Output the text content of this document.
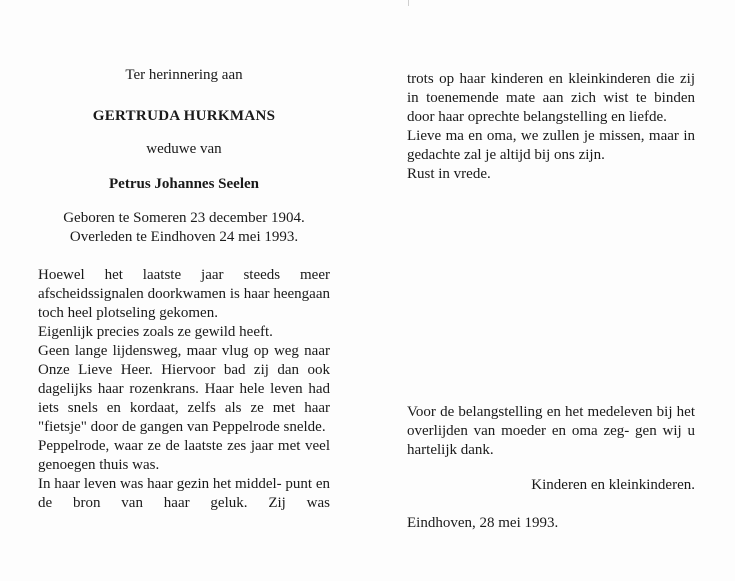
Ter herinnering aan
GERTRUDA HURKMANS
weduwe van
Petrus Johannes Seelen
Geboren te Someren 23 december 1904.
Overleden te Eindhoven 24 mei 1993.

Hoewel het laatste jaar steeds meer afscheidssignalen doorkwamen is haar heengaan toch heel plotseling gekomen.

Eigenlijk precies zoals ze gewild heeft.

Geen lange lijdensweg, maar vlug op weg naar Onze Lieve Heer. Hiervoor bad zij dan ook dagelijks haar rozenkrans. Haar hele leven had iets snels en kordaat, zelfs als ze met haar "fietsje" door de gangen van Peppelrode snelde.

Peppelrode, waar ze de laatste zes jaar met veel genoegen thuis was.

In haar leven was haar gezin het middel- punt en de bron van haar geluk. Zij was

trots op haar kinderen en kleinkinderen die zij in toenemende mate aan zich wist te binden door haar oprechte belangstelling en liefde.

Lieve ma en oma, we zullen je missen, maar in gedachte zal je altijd bij ons zijn.

Rust in vrede.

Voor de belangstelling en het medeleven bij het overlijden van moeder en oma zeg- gen wij u hartelijk dank.
Kinderen en kleinkinderen.
Eindhoven, 28 mei 1993.
